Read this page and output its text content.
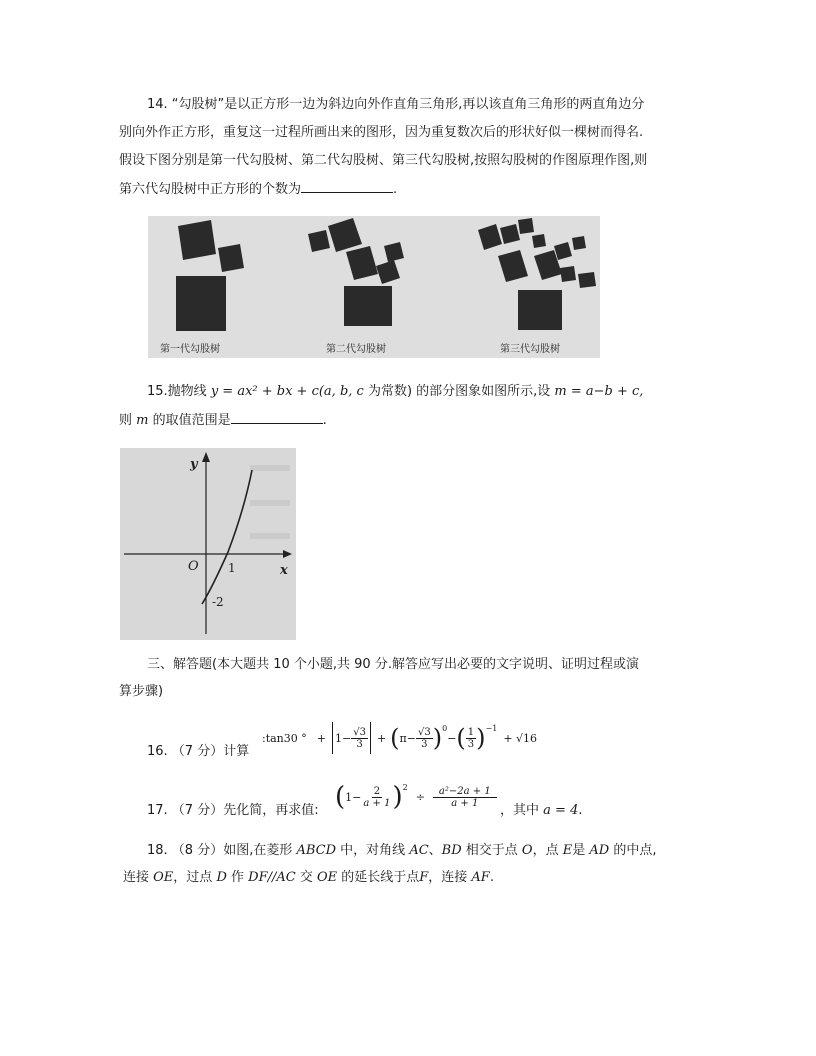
14. “勾股树”是以正方形一边为斜边向外作直角三角形,再以该直角三角形的两直角边分
别向外作正方形，重复这一过程所画出来的图形，因为重复数次后的形状好似一棵树而得名.
假设下图分别是第一代勾股树、第二代勾股树、第三代勾股树,按照勾股树的作图原理作图,则
第六代勾股树中正方形的个数为	.
第一代勾股树	第二代勾股树	第三代勾股树
15.抛物线 y = ax² + bx + c(a, b, c 为常数) 的部分图象如图所示,设 m = a−b + c,
则 m 的取值范围是	.
y
x
O 1
-2
三、解答题(本大题共 10 个小题,共 90 分.解答应写出必要的文字说明、证明过程或演
算步骤)
16. （7 分）计算
:tan30 ° + $1- \frac{√3}{3}$ + ( $\pi- \frac{√3}{3} )^0$
− ( $\frac{1}{3} )^{-1}$
+ √16
17. （7 分）先化简，再求值: ( $1- \frac{2}{a + 1} )^2$
÷ $\frac{\text{a²−2a + 1}}{a + 1}$
，其中 a = 4.
18. （8 分）如图,在菱形 ABCD 中，对角线 AC、BD 相交于点 O，点 E是 AD 的中点,
连接 OE，过点 D 作 DF//AC 交 OE 的延长线于点F，连接 AF.
